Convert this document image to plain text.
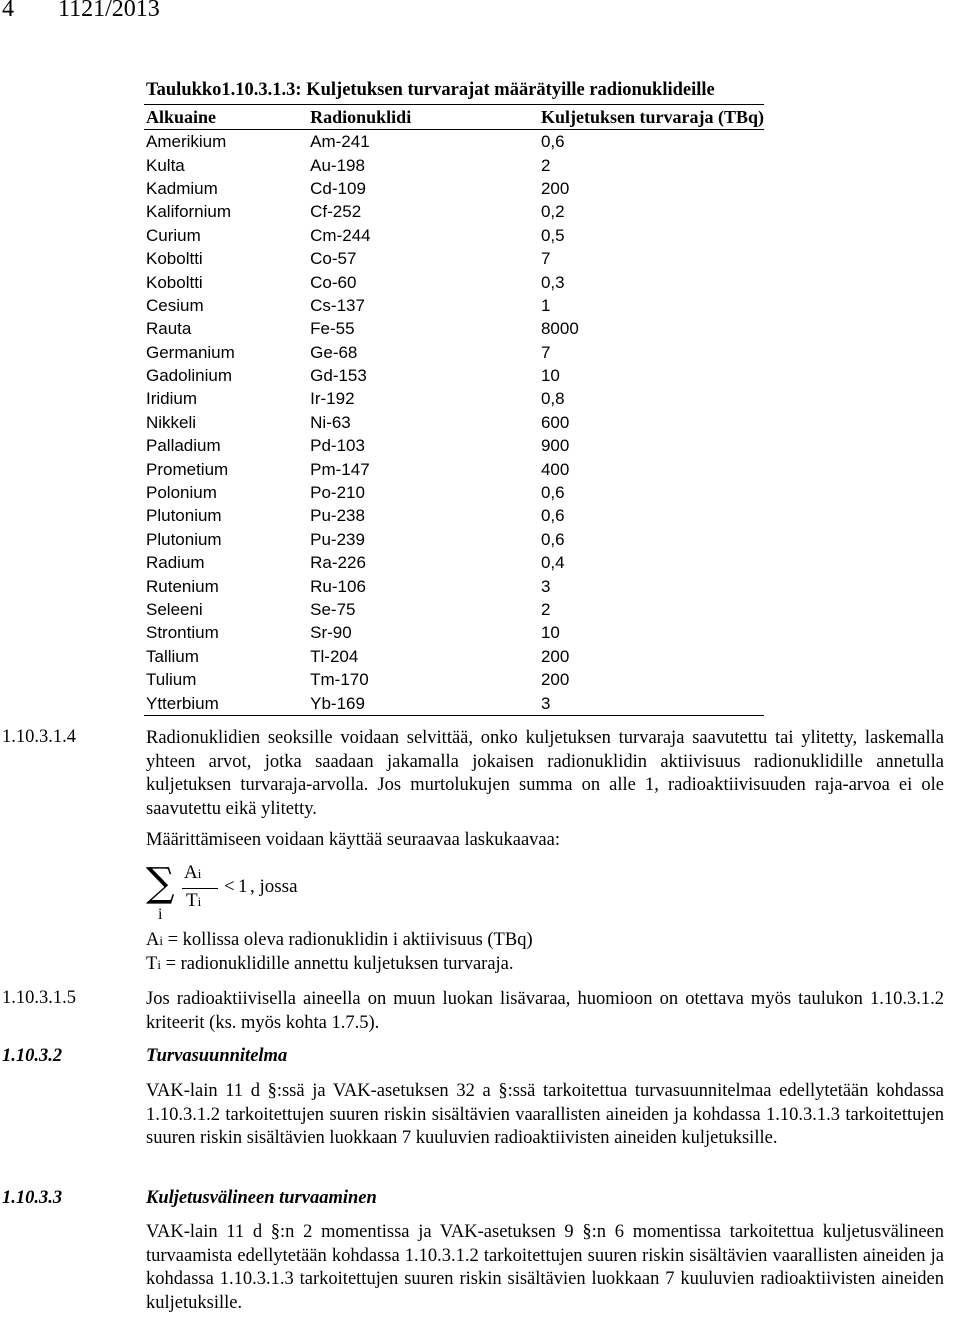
4 1121/2013
Taulukko1.10.3.1.3: Kuljetuksen turvarajat määrätyille radionuklideille
Alkuaine	Radionuklidi	Kuljetuksen turvaraja (TBq)
Amerikium	Am-241	0,6
Kulta	Au-198	2
Kadmium	Cd-109	200
Kalifornium	Cf-252	0,2
Curium	Cm-244	0,5
Koboltti	Co-57	7
Koboltti	Co-60	0,3
Cesium	Cs-137	1
Rauta	Fe-55	8000
Germanium	Ge-68	7
Gadolinium	Gd-153	10
Iridium	Ir-192	0,8
Nikkeli	Ni-63	600
Palladium	Pd-103	900
Prometium	Pm-147	400
Polonium	Po-210	0,6
Plutonium	Pu-238	0,6
Plutonium	Pu-239	0,6
Radium	Ra-226	0,4
Rutenium	Ru-106	3
Seleeni	Se-75	2
Strontium	Sr-90	10
Tallium	Tl-204	200
Tulium	Tm-170	200
Ytterbium	Yb-169	3
1.10.3.1.4	Radionuklidien seoksille voidaan selvittää, onko kuljetuksen turvaraja saavutettu tai ylitetty, laskemalla yhteen arvot, jotka saadaan jakamalla jokaisen radionuklidin aktiivisuus radionuklidille annetulla kuljetuksen turvaraja-arvolla. Jos murtolukujen summa on alle 1, radioaktiivisuuden raja-arvoa ei ole saavutettu eikä ylitetty.
Määrittämiseen voidaan käyttää seuraavaa laskukaavaa:
∑
i
Ai
Ti
< 1 , jossa
Ai = kollissa oleva radionuklidin i aktiivisuus (TBq)
Ti = radionuklidille annettu kuljetuksen turvaraja.
1.10.3.1.5	Jos radioaktiivisella aineella on muun luokan lisävaraa, huomioon on otettava myös taulukon 1.10.3.1.2 kriteerit (ks. myös kohta 1.7.5).
1.10.3.2	Turvasuunnitelma
VAK-lain 11 d §:ssä ja VAK-asetuksen 32 a §:ssä tarkoitettua turvasuunnitelmaa edellytetään kohdassa 1.10.3.1.2 tarkoitettujen suuren riskin sisältävien vaarallisten aineiden ja kohdassa 1.10.3.1.3 tarkoitettujen suuren riskin sisältävien luokkaan 7 kuuluvien radioaktiivisten aineiden kuljetuksille.
1.10.3.3	Kuljetusvälineen turvaaminen
VAK-lain 11 d §:n 2 momentissa ja VAK-asetuksen 9 §:n 6 momentissa tarkoitettua kuljetusvälineen turvaamista edellytetään kohdassa 1.10.3.1.2 tarkoitettujen suuren riskin sisältävien vaarallisten aineiden ja kohdassa 1.10.3.1.3 tarkoitettujen suuren riskin sisältävien luokkaan 7 kuuluvien radioaktiivisten aineiden kuljetuksille.
